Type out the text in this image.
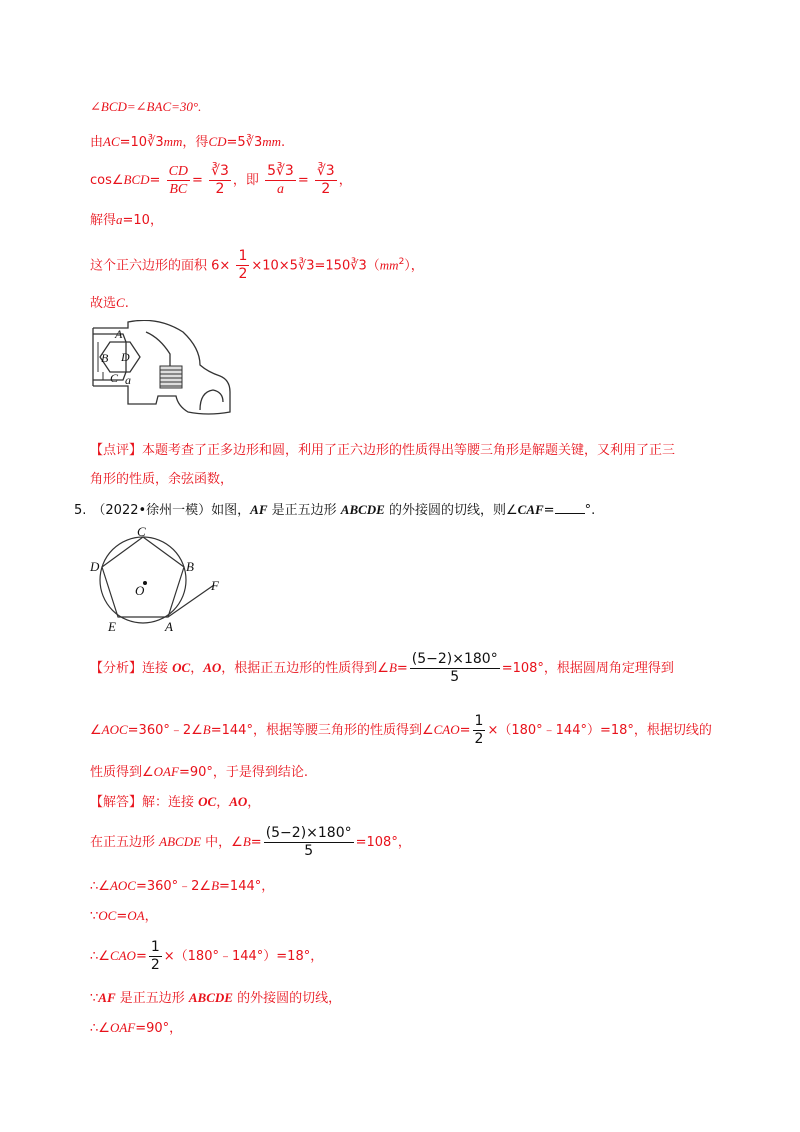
∠BCD=∠BAC=30°.
由AC=10∛3mm，得CD=5∛3mm.
cos∠BCD= $\frac{CD}{BC} = \frac{∛3}{2}$ ，即 $\frac{5∛3}{a} = \frac{∛3}{2}$ ，
解得a=10，
这个正六边形的面积 $6\times \frac{1}{2}$ $\times 10\times 5∛3=150∛3(mm^2)$，
故选C.
A
B D
C a
【点评】本题考查了正多边形和圆，利用了正六边形的性质得出等腰三角形是解题关键，又利用了正三
角形的性质，余弦函数，
5. （2022•徐州一模）如图，AF 是正五边形 ABCDE 的外接圆的切线，则∠CAF= °.
C
D	B
O	F
E	A
【分析】连接 OC，AO，根据正五边形的性质得到∠B= $\frac{(5-2)\times 180^\circ}{5} =108^\circ$，根据圆周角定理得到
∠AOC=360°﹣2∠B=144°，根据等腰三角形的性质得到∠CAO= $\frac{1}{2}$ ×（180°﹣144°）=18°，根据切线的
性质得到∠OAF=90°，于是得到结论.
【解答】解：连接 OC，AO，
在正五边形 ABCDE 中，∠B= $\frac{(5-2)\times 180^\circ}{5} =108^\circ$，
∴∠AOC=360°﹣2∠B=144°，
∵OC=OA，
∴∠CAO= $\frac{1}{2}$ ×（180°﹣144°）=18°，
∵AF 是正五边形 ABCDE 的外接圆的切线，
∴∠OAF=90°，
